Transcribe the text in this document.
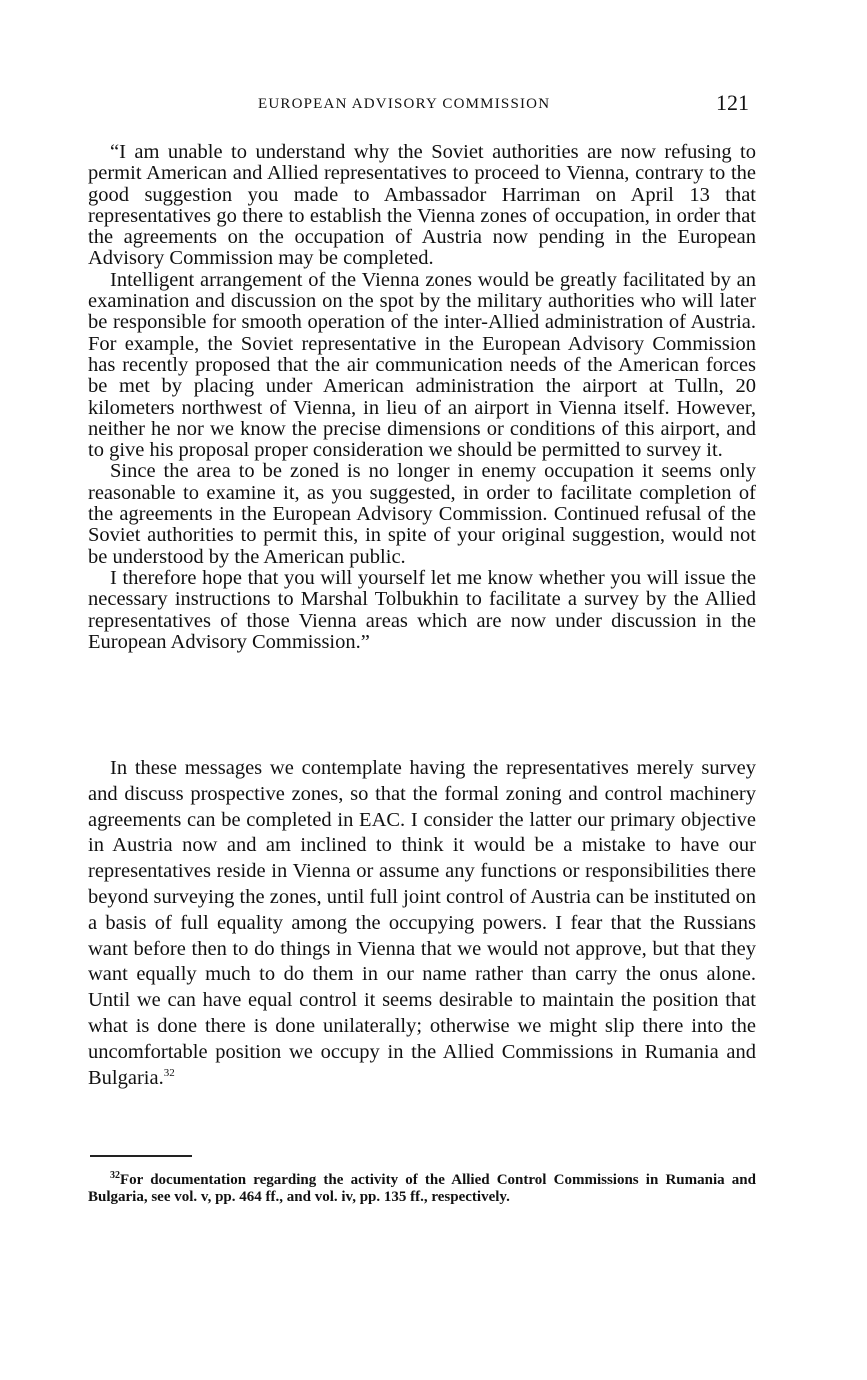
EUROPEAN ADVISORY COMMISSION	121

“I am unable to understand why the Soviet authorities are now refusing to permit American and Allied representatives to proceed to Vienna, contrary to the good suggestion you made to Ambassador Harriman on April 13 that representatives go there to establish the Vienna zones of occupation, in order that the agreements on the occupation of Austria now pending in the European Advisory Commission may be completed.

Intelligent arrangement of the Vienna zones would be greatly facilitated by an examination and discussion on the spot by the military authorities who will later be responsible for smooth operation of the inter-Allied administration of Austria. For example, the Soviet representative in the European Advisory Commission has recently proposed that the air communication needs of the American forces be met by placing under American administration the airport at Tulln, 20 kilometers northwest of Vienna, in lieu of an airport in Vienna itself. However, neither he nor we know the precise dimensions or conditions of this airport, and to give his proposal proper consideration we should be permitted to survey it.

Since the area to be zoned is no longer in enemy occupation it seems only reasonable to examine it, as you suggested, in order to facilitate completion of the agreements in the European Advisory Commission. Continued refusal of the Soviet authorities to permit this, in spite of your original suggestion, would not be understood by the American public.

I therefore hope that you will yourself let me know whether you will issue the necessary instructions to Marshal Tolbukhin to facilitate a survey by the Allied representatives of those Vienna areas which are now under discussion in the European Advisory Commission.”

In these messages we contemplate having the representatives merely survey and discuss prospective zones, so that the formal zoning and control machinery agreements can be completed in EAC. I consider the latter our primary objective in Austria now and am inclined to think it would be a mistake to have our representatives reside in Vienna or assume any functions or responsibilities there beyond surveying the zones, until full joint control of Austria can be instituted on a basis of full equality among the occupying powers. I fear that the Russians want before then to do things in Vienna that we would not approve, but that they want equally much to do them in our name rather than carry the onus alone. Until we can have equal control it seems desirable to maintain the position that what is done there is done unilaterally; otherwise we might slip there into the uncomfortable position we occupy in the Allied Commissions in Rumania and Bulgaria.$^{32}$

$^{32}$For documentation regarding the activity of the Allied Control Commissions in Rumania and Bulgaria, see vol. v, pp. 464 ff., and vol. iv, pp. 135 ff., respectively.
